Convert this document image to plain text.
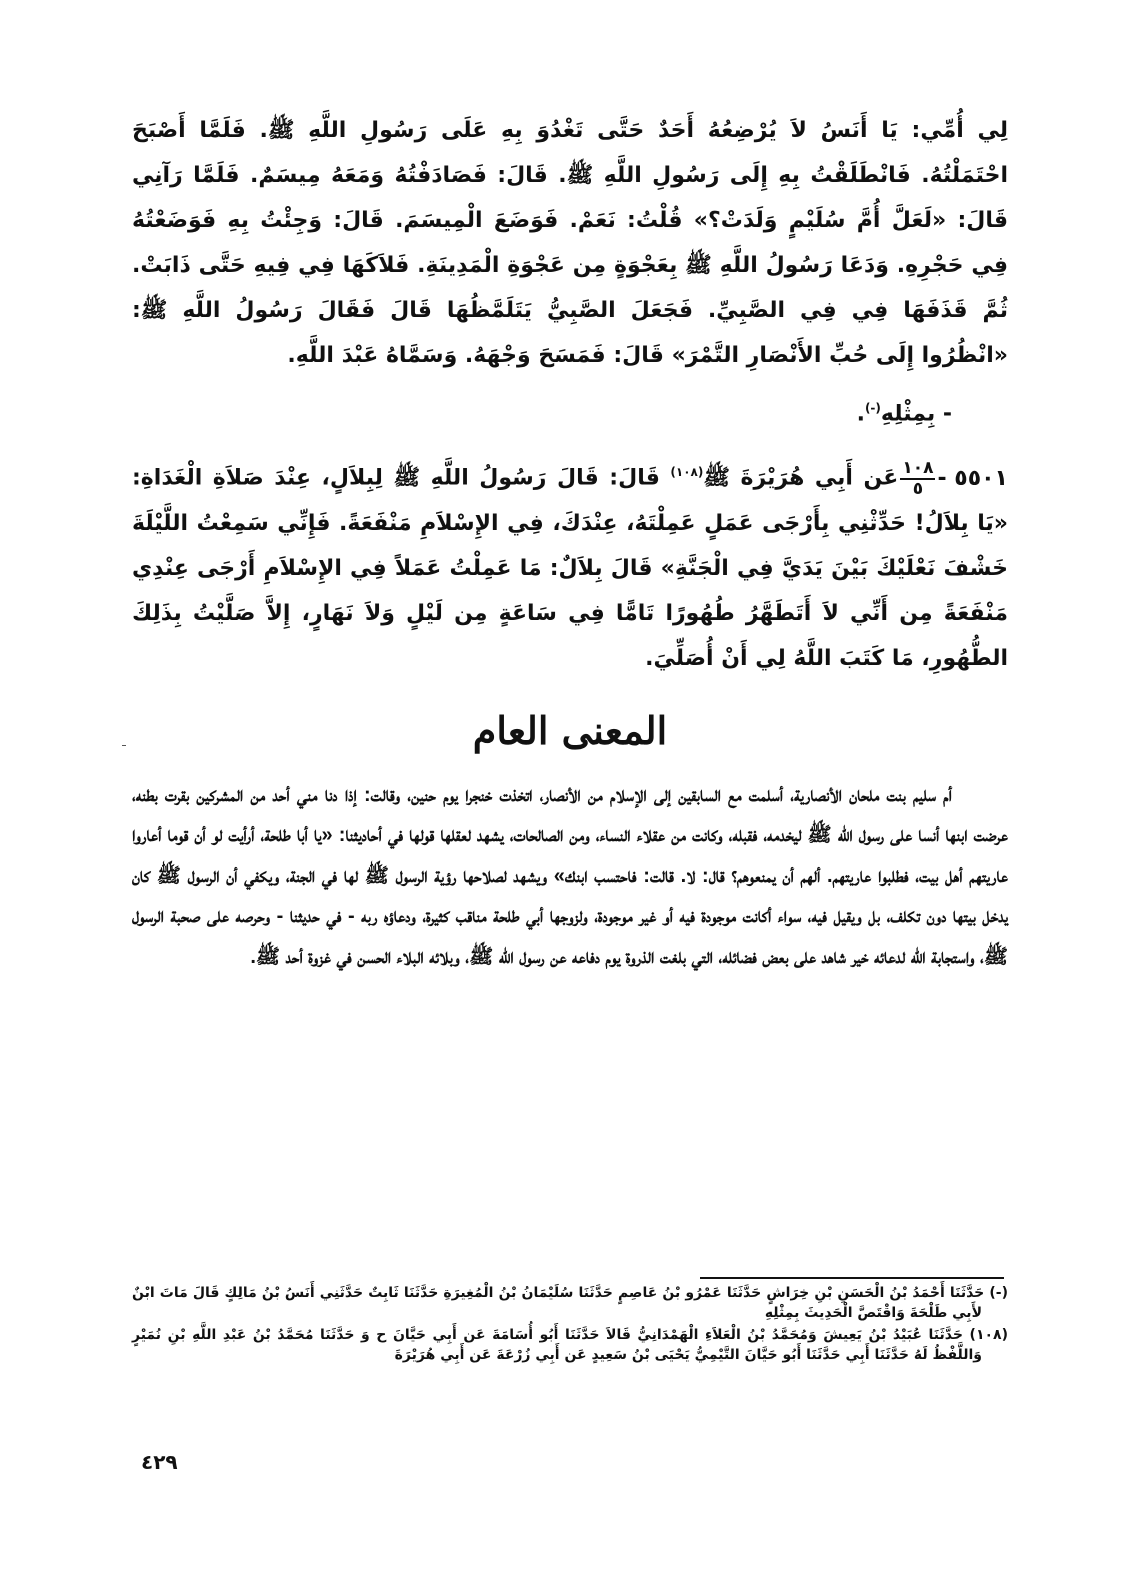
لِي أُمِّي: يَا أَنَسُ لاَ يُرْضِعُهُ أَحَدٌ حَتَّى تَغْدُوَ بِهِ عَلَى رَسُولِ اللَّهِ ﷺ. فَلَمَّا أَصْبَحَ احْتَمَلْتُهُ. فَانْطَلَقْتُ بِهِ إِلَى رَسُولِ اللَّهِ ﷺ. قَالَ: فَصَادَفْتُهُ وَمَعَهُ مِيسَمٌ. فَلَمَّا رَآنِي قَالَ: «لَعَلَّ أُمَّ سُلَيْمٍ وَلَدَتْ؟» قُلْتُ: نَعَمْ. فَوَضَعَ الْمِيسَمَ. قَالَ: وَجِئْتُ بِهِ فَوَضَعْتُهُ فِي حَجْرِهِ. وَدَعَا رَسُولُ اللَّهِ ﷺ بِعَجْوَةٍ مِن عَجْوَةِ الْمَدِينَةِ. فَلاَكَهَا فِي فِيهِ حَتَّى ذَابَتْ. ثُمَّ قَذَفَهَا فِي فِي الصَّبِيِّ. فَجَعَلَ الصَّبِيُّ يَتَلَمَّظُهَا قَالَ فَقَالَ رَسُولُ اللَّهِ ﷺ: «انْظُرُوا إِلَى حُبِّ الأَنْصَارِ التَّمْرَ» قَالَ: فَمَسَحَ وَجْهَهُ. وَسَمَّاهُ عَبْدَ اللَّهِ.

- بِمِثْلِهِ(-).

٥٥٠١ -
$\frac{١٠٨}{٥}$
عَن أَبِي هُرَيْرَةَ ﷺ$^{(١٠٨)}$ قَالَ: قَالَ رَسُولُ اللَّهِ ﷺ لِبِلاَلٍ، عِنْدَ صَلاَةِ الْغَدَاةِ: «يَا بِلاَلُ! حَدِّثْنِي بِأَرْجَى عَمَلٍ عَمِلْتَهُ، عِنْدَكَ، فِي الإِسْلاَمِ مَنْفَعَةً. فَإِنِّي سَمِعْتُ اللَّيْلَةَ خَشْفَ نَعْلَيْكَ بَيْنَ يَدَيَّ فِي الْجَنَّةِ» قَالَ بِلاَلٌ: مَا عَمِلْتُ عَمَلاً فِي الإِسْلاَمِ أَرْجَى عِنْدِي مَنْفَعَةً مِن أَنِّي لاَ أَتَطَهَّرُ طُهُورًا تَامًّا فِي سَاعَةٍ مِن لَيْلٍ وَلاَ نَهَارٍ، إِلاَّ صَلَّيْتُ بِذَلِكَ الطُّهُورِ، مَا كَتَبَ اللَّهُ لِي أَنْ أُصَلِّيَ.

المعنى العام

أم سليم بنت ملحان الأنصارية، أسلمت مع السابقين إلى الإسلام من الأنصار، اتخذت خنجرا يوم حنين، وقالت: إذا دنا مني أحد من المشركين بقرت بطنه، عرضت ابنها أنسا على رسول الله ﷺ ليخدمه، فقبله، وكانت من عقلاء النساء، ومن الصالحات، يشهد لعقلها قولها في أحاديثنا: «يا أبا طلحة، أرأيت لو أن قوما أعاروا عاريتهم أهل بيت، فطلبوا عاريتهم. ألهم أن يمنعوهم؟ قال: لا. قالت: فاحتسب ابنك» ويشهد لصلاحها رؤية الرسول ﷺ لها في الجنة، ويكفي أن الرسول ﷺ كان يدخل بيتها دون تكلف، بل ويقيل فيه، سواء أكانت موجودة فيه أو غير موجودة، ولزوجها أبي طلحة مناقب كثيرة، ودعاؤه ربه - في حديثنا - وحرصه على صحبة الرسول ﷺ، واستجابة الله لدعائه خير شاهد على بعض فضائله، التي بلغت الذروة يوم دفاعه عن رسول الله ﷺ، وبلائه البلاء الحسن في غزوة أحد ﷺ.

(-) حَدَّثَنَا أَحْمَدُ بْنُ الْحَسَنِ بْنِ خِرَاشٍ حَدَّثَنَا عَمْرُو بْنُ عَاصِمٍ حَدَّثَنَا سُلَيْمَانُ بْنُ الْمُغِيرَةِ حَدَّثَنَا ثَابِتٌ حَدَّثَنِي أَنَسُ بْنُ مَالِكٍ قَالَ مَاتَ ابْنٌ لأَبِي طَلْحَةَ وَاقْتَصَّ الْحَدِيثَ بِمِثْلِهِ

(١٠٨) حَدَّثَنَا عُبَيْدُ بْنُ يَعِيشَ وَمُحَمَّدُ بْنُ الْعَلاَءِ الْهَمْدَانِيُّ قَالاَ حَدَّثَنَا أَبُو أُسَامَةَ عَن أَبِي حَيَّانَ ح وَ حَدَّثَنَا مُحَمَّدُ بْنُ عَبْدِ اللَّهِ بْنِ نُمَيْرٍ وَاللَّفْظُ لَهُ حَدَّثَنَا أَبِي حَدَّثَنَا أَبُو حَيَّانَ التَّيْمِيُّ يَحْيَى بْنُ سَعِيدٍ عَن أَبِي زُرْعَةَ عَن أَبِي هُرَيْرَةَ

٤٢٩
